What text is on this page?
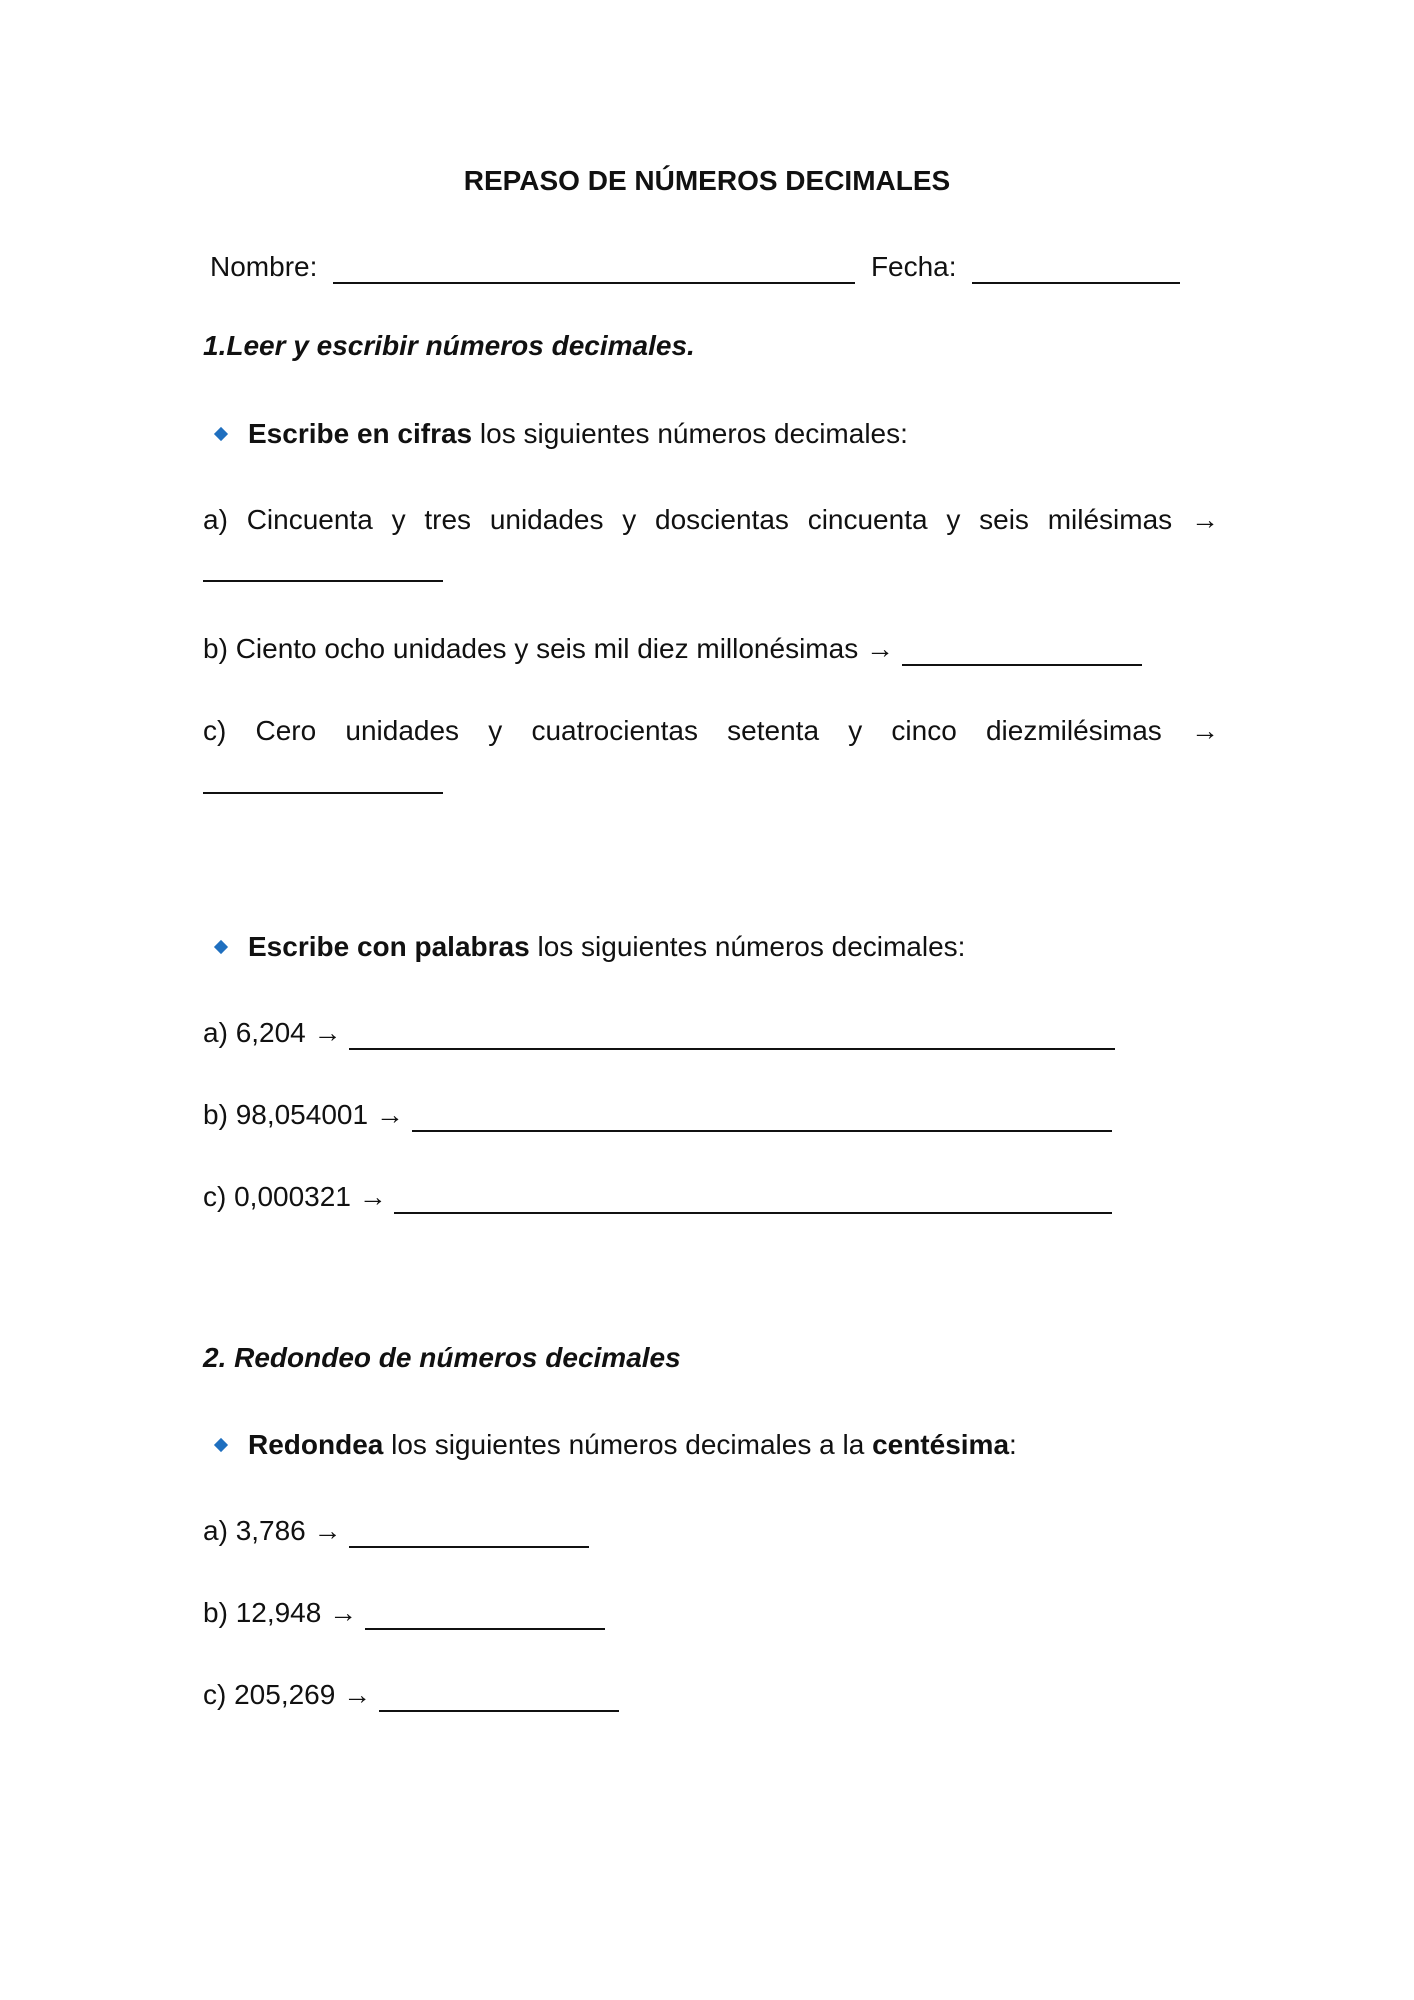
REPASO DE NÚMEROS DECIMALES
Nombre:	Fecha:
1.Leer y escribir números decimales.
Escribe en cifras los siguientes números decimales:
a) Cincuenta y tres unidades y doscientas cincuenta y seis milésimas →
b) Ciento ocho unidades y seis mil diez millonésimas →
c) Cero unidades y cuatrocientas setenta y cinco diezmilésimas →
Escribe con palabras los siguientes números decimales:
a) 6,204 →
b) 98,054001 →
c) 0,000321 →
2. Redondeo de números decimales
Redondea los siguientes números decimales a la centésima:
a) 3,786 →
b) 12,948 →
c) 205,269 →
